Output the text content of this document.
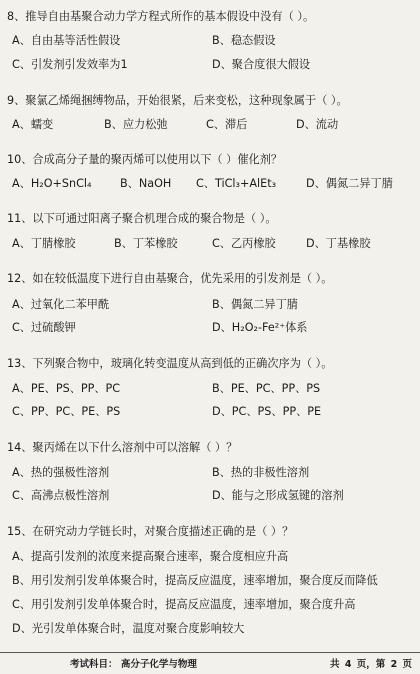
8、推导自由基聚合动力学方程式所作的基本假设中没有（ ）。
A、自由基等活性假设	B、稳态假设
C、引发剂引发效率为1	D、聚合度很大假设
9、聚氯乙烯绳捆缚物品，开始很紧，后来变松，这种现象属于（ ）。
A、蠕变	B、应力松弛	C、滞后	D、流动
10、合成高分子量的聚丙烯可以使用以下（ ）催化剂？
A、H₂O+SnCl₄	B、NaOH C、TiCl₃+AlEt₃	D、偶氮二异丁腈
11、以下可通过阳离子聚合机理合成的聚合物是（ ）。
A、丁腈橡胶	B、丁苯橡胶	C、乙丙橡胶	D、丁基橡胶
12、如在较低温度下进行自由基聚合，优先采用的引发剂是（ ）。
A、过氧化二苯甲酰	B、偶氮二异丁腈
C、过硫酸钾	D、H₂O₂-Fe²⁺体系
13、下列聚合物中，玻璃化转变温度从高到低的正确次序为（ ）。
A、PE、PS、PP、PC	B、PE、PC、PP、PS
C、PP、PC、PE、PS	D、PC、PS、PP、PE
14、聚丙烯在以下什么溶剂中可以溶解（ ）？
A、热的强极性溶剂	B、热的非极性溶剂
C、高沸点极性溶剂	D、能与之形成氢键的溶剂
15、在研究动力学链长时，对聚合度描述正确的是（ ）？
A、提高引发剂的浓度来提高聚合速率，聚合度相应升高
B、用引发剂引发单体聚合时，提高反应温度，速率增加，聚合度反而降低
C、用引发剂引发单体聚合时，提高反应温度，速率增加，聚合度升高
D、光引发单体聚合时，温度对聚合度影响较大
考试科目： 高分子化学与物理	共 4 页，第 2 页
